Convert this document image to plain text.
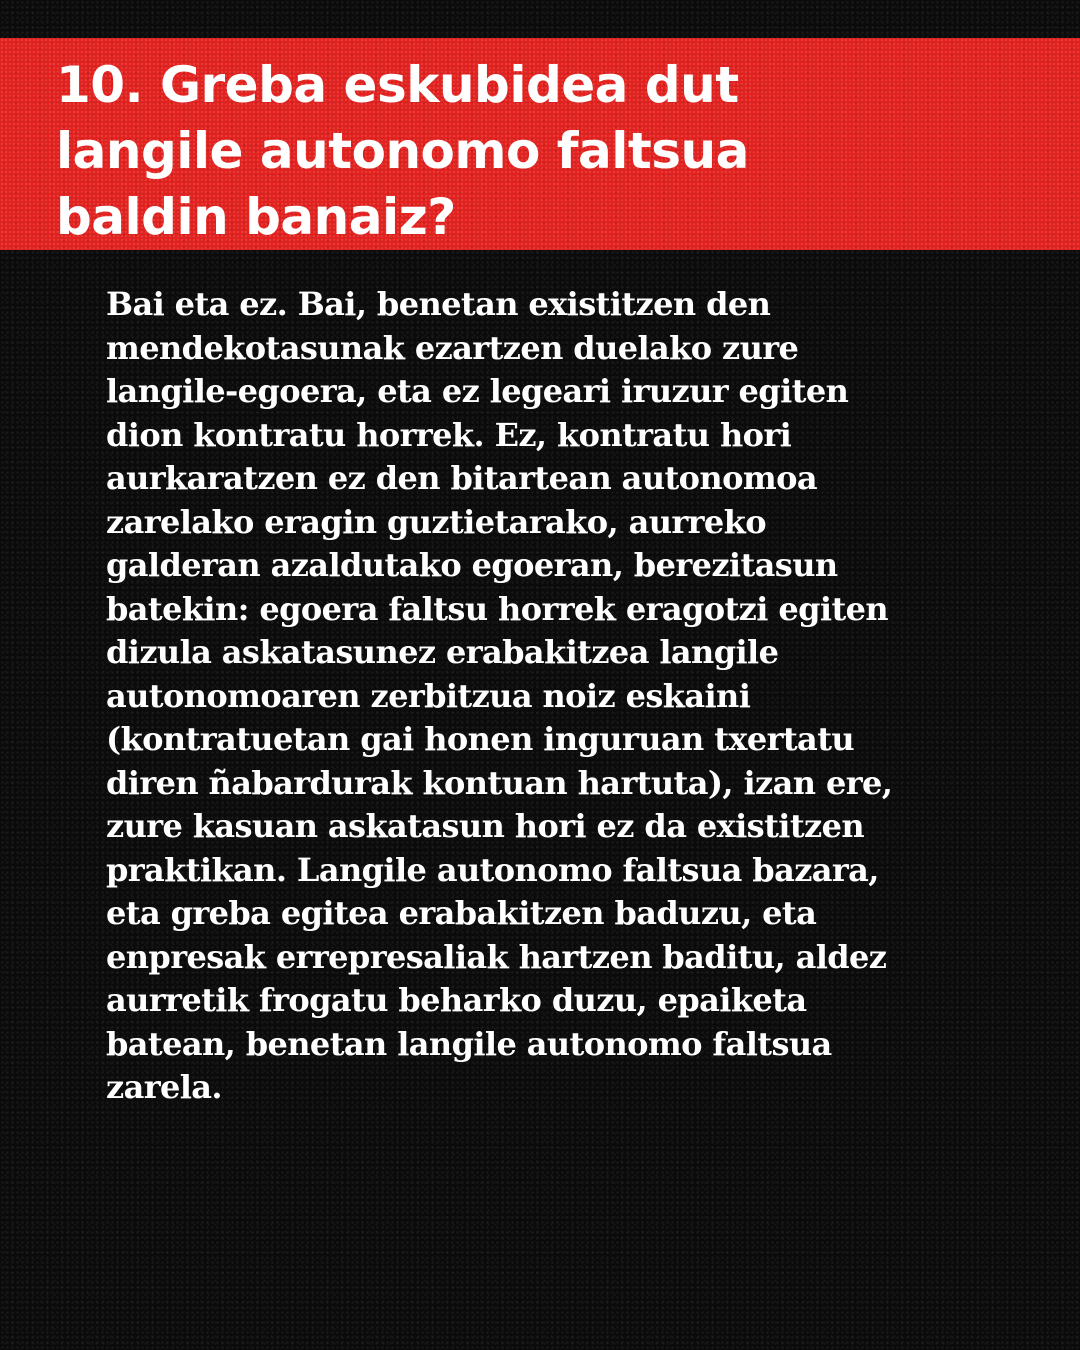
10. Greba eskubidea dut
langile autonomo faltsua
baldin banaiz?

Bai eta ez. Bai, benetan existitzen den
mendekotasunak ezartzen duelako zure
langile-egoera, eta ez legeari iruzur egiten
dion kontratu horrek. Ez, kontratu hori
aurkaratzen ez den bitartean autonomoa
zarelako eragin guztietarako, aurreko
galderan azaldutako egoeran, berezitasun
batekin: egoera faltsu horrek eragotzi egiten
dizula askatasunez erabakitzea langile
autonomoaren zerbitzua noiz eskaini
(kontratuetan gai honen inguruan txertatu
diren ñabardurak kontuan hartuta), izan ere,
zure kasuan askatasun hori ez da existitzen
praktikan. Langile autonomo faltsua bazara,
eta greba egitea erabakitzen baduzu, eta
enpresak errepresaliak hartzen baditu, aldez
aurretik frogatu beharko duzu, epaiketa
batean, benetan langile autonomo faltsua
zarela.
